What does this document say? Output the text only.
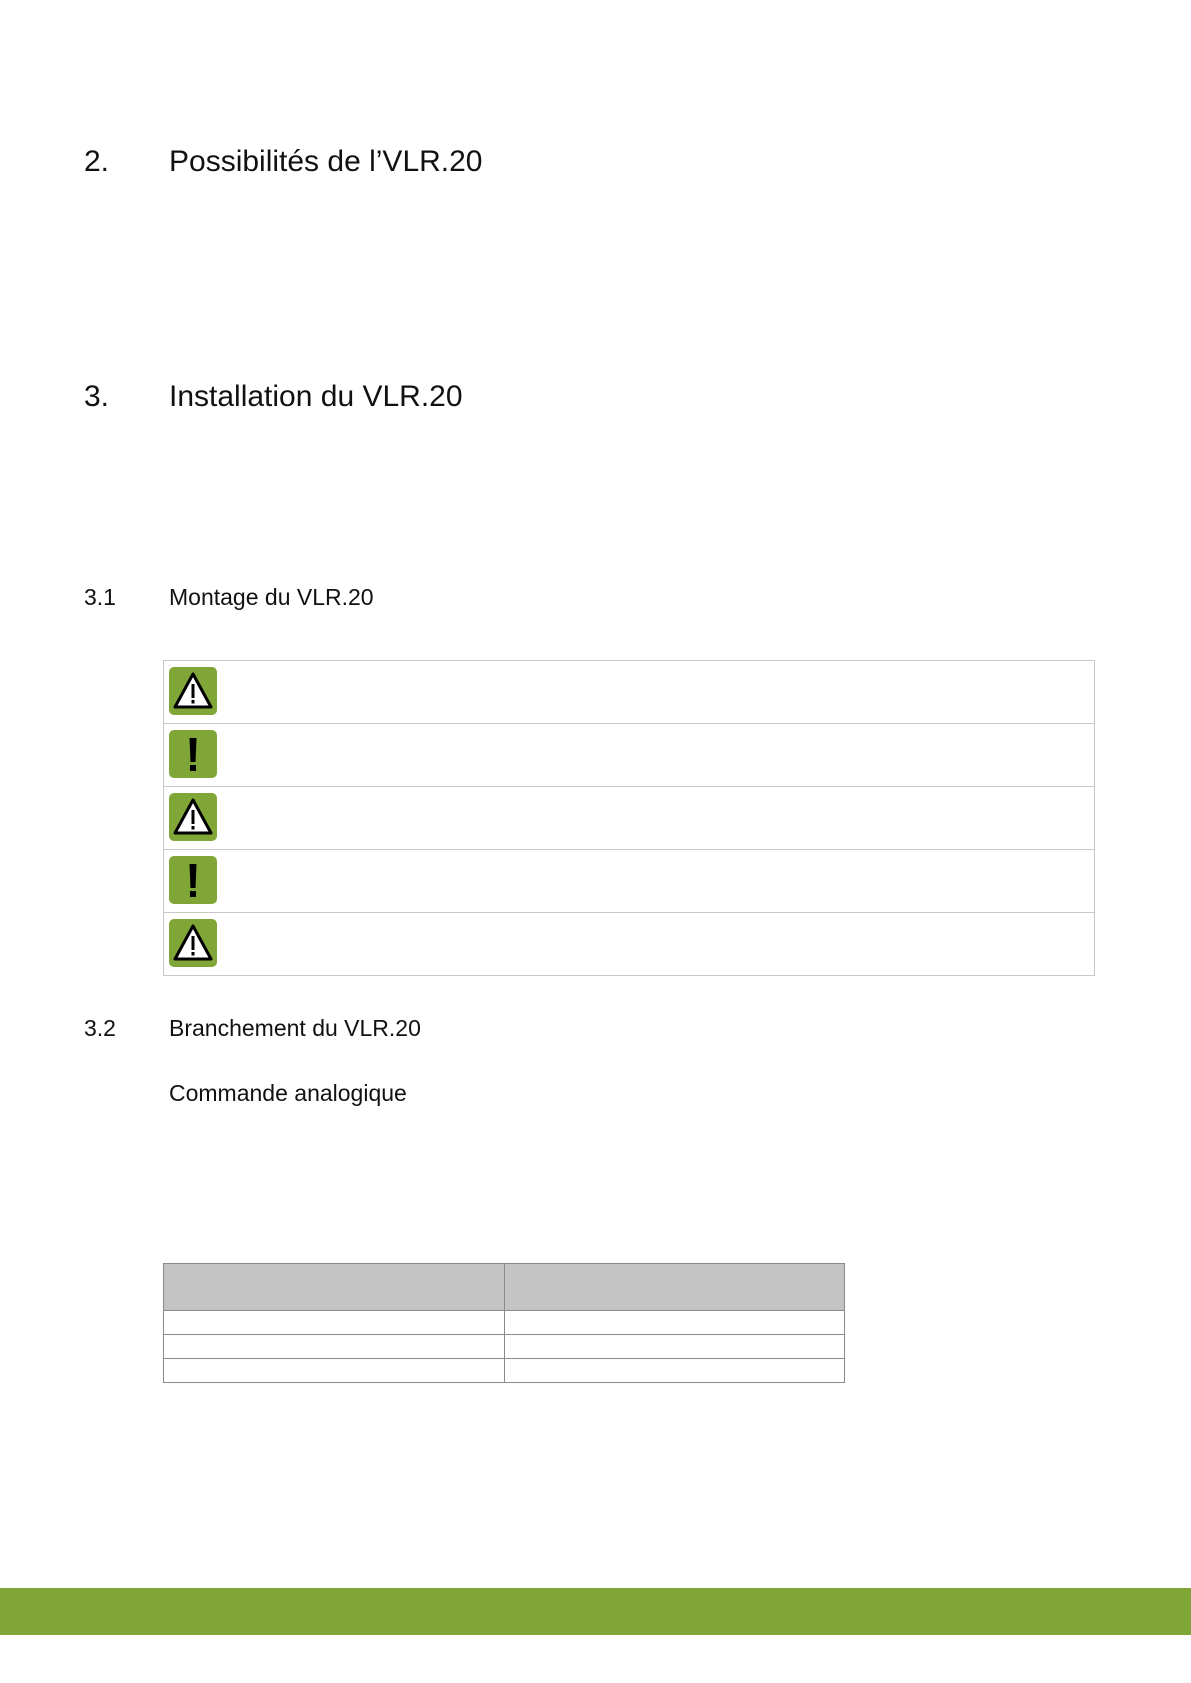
2. Possibilités de l’VLR.20
3. Installation du VLR.20
3.1 Montage du VLR.20
3.2 Branchement du VLR.20
Commande analogique
